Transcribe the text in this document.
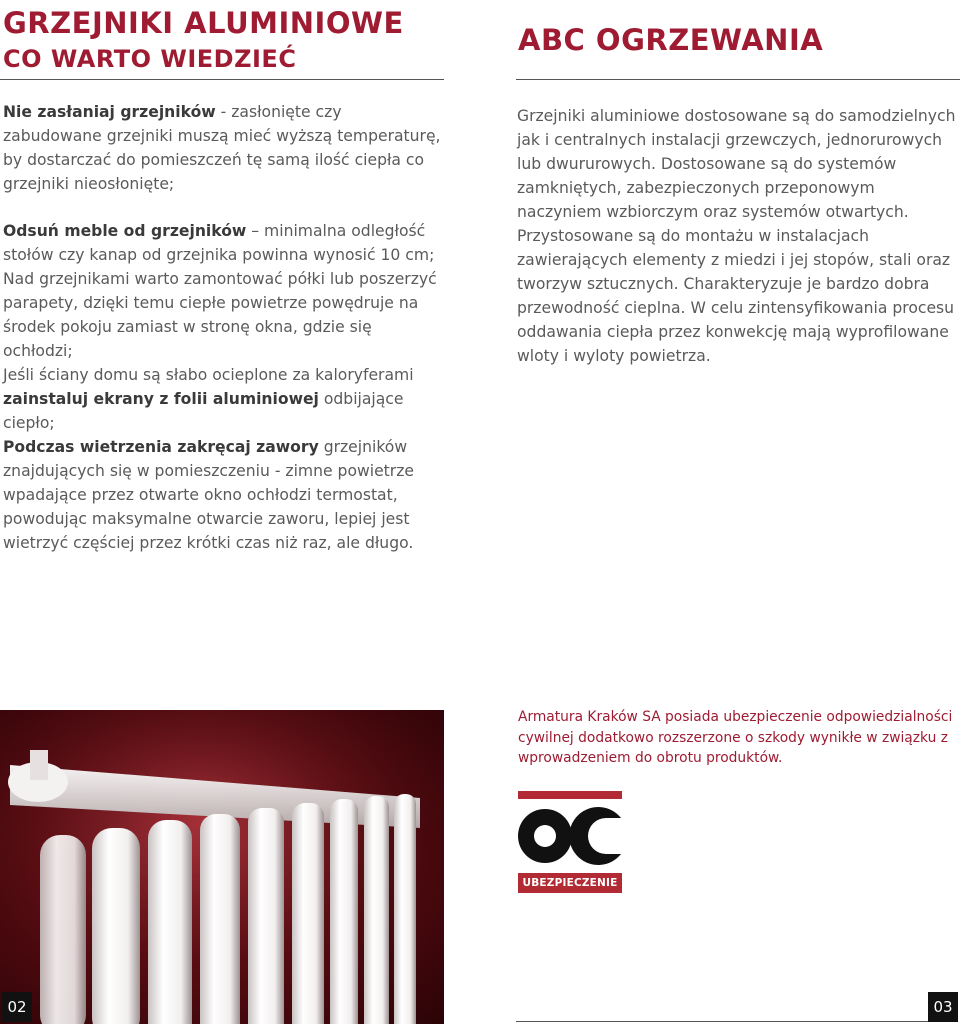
GRZEJNIKI ALUMINIOWE
CO WARTO WIEDZIEĆ

Nie zasłaniaj grzejników - zasłonięte czy zabudowane grzejniki muszą mieć wyższą temperaturę, by dostarczać do pomieszczeń tę samą ilość ciepła co grzejniki nieosłonięte;

Odsuń meble od grzejników – minimalna odległość stołów czy kanap od grzejnika powinna wynosić 10 cm;

Nad grzejnikami warto zamontować półki lub poszerzyć parapety, dzięki temu ciepłe powietrze powędruje na środek pokoju zamiast w stronę okna, gdzie się ochłodzi;

Jeśli ściany domu są słabo ocieplone za kaloryferami zainstaluj ekrany z folii aluminiowej odbijające ciepło;

Podczas wietrzenia zakręcaj zawory grzejników znajdujących się w pomieszczeniu - zimne powietrze wpadające przez otwarte okno ochłodzi termostat, powodując maksymalne otwarcie zaworu, lepiej jest wietrzyć częściej przez krótki czas niż raz, ale długo.

ABC OGRZEWANIA

Grzejniki aluminiowe dostosowane są do samodzielnych jak i centralnych instalacji grzewczych, jednorurowych lub dwururowych. Dostosowane są do systemów zamkniętych, zabezpieczonych przeponowym naczyniem wzbiorczym oraz systemów otwartych. Przystosowane są do montażu w instalacjach zawierających elementy z miedzi i jej stopów, stali oraz tworzyw sztucznych. Charakteryzuje je bardzo dobra przewodność cieplna. W celu zintensyfikowania procesu oddawania ciepła przez konwekcję mają wyprofilowane wloty i wyloty powietrza.

Armatura Kraków SA posiada ubezpieczenie odpowiedzialności cywilnej dodatkowo rozszerzone o szkody wynikłe w związku z wprowadzeniem do obrotu produktów.

UBEZPIECZENIE
02	03
